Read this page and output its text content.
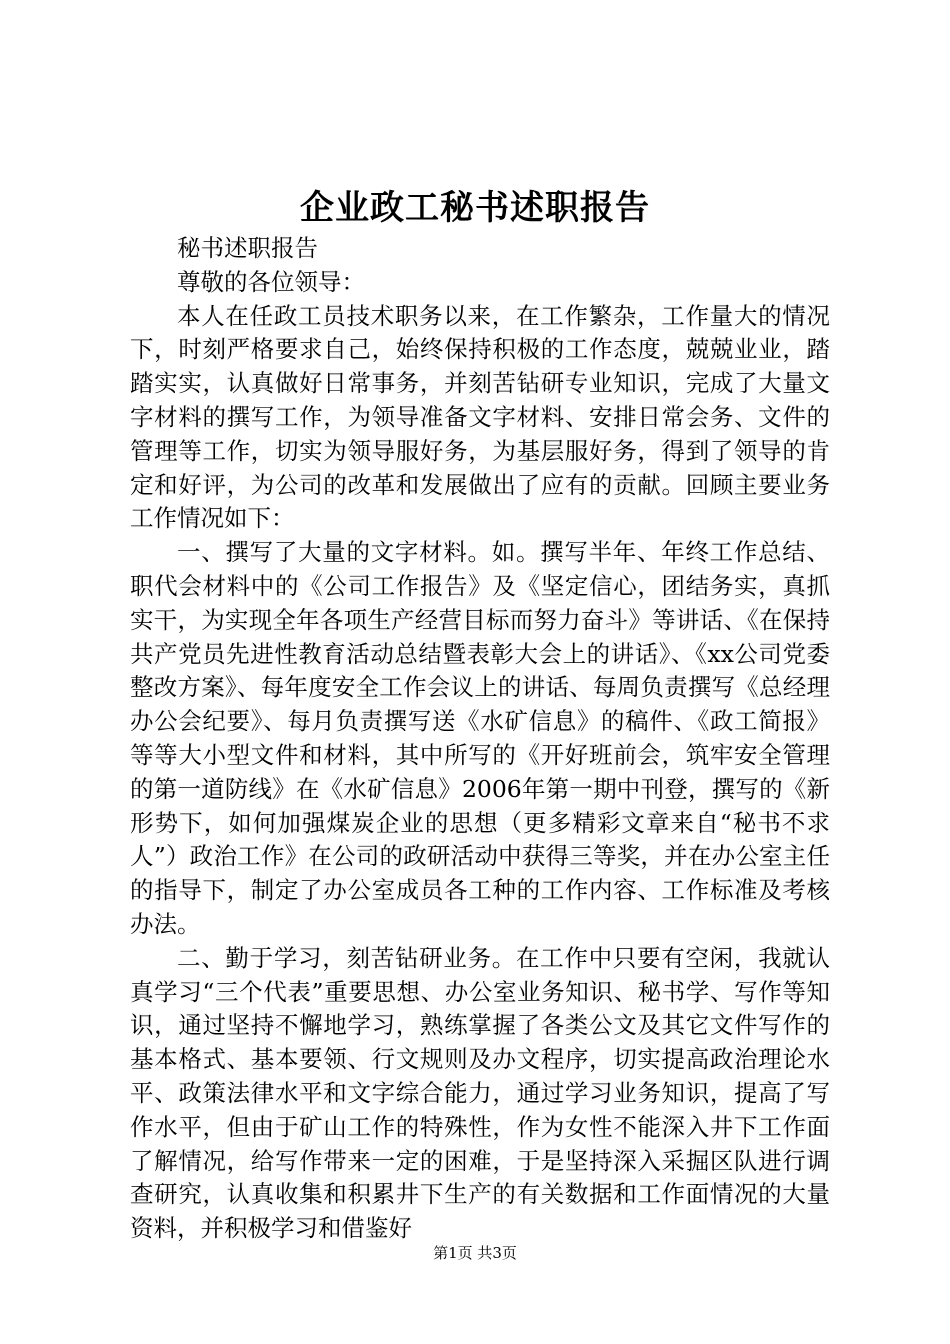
企业政工秘书述职报告

秘书述职报告

尊敬的各位领导：

本人在任政工员技术职务以来，在工作繁杂，工作量大的情况下，时刻严格要求自己，始终保持积极的工作态度，兢兢业业，踏踏实实，认真做好日常事务，并刻苦钻研专业知识，完成了大量文字材料的撰写工作，为领导准备文字材料、安排日常会务、文件的管理等工作，切实为领导服好务，为基层服好务，得到了领导的肯定和好评，为公司的改革和发展做出了应有的贡献。回顾主要业务工作情况如下：

一、撰写了大量的文字材料。如。撰写半年、年终工作总结、职代会材料中的《公司工作报告》及《坚定信心，团结务实，真抓实干，为实现全年各项生产经营目标而努力奋斗》等讲话、《在保持共产党员先进性教育活动总结暨表彰大会上的讲话》、《xx公司党委整改方案》、每年度安全工作会议上的讲话、每周负责撰写《总经理办公会纪要》、每月负责撰写送《水矿信息》的稿件、《政工简报》等等大小型文件和材料，其中所写的《开好班前会，筑牢安全管理的第一道防线》在《水矿信息》2006年第一期中刊登，撰写的《新形势下，如何加强煤炭企业的思想（更多精彩文章来自“秘书不求人”）政治工作》在公司的政研活动中获得三等奖，并在办公室主任的指导下，制定了办公室成员各工种的工作内容、工作标准及考核办法。

二、勤于学习，刻苦钻研业务。在工作中只要有空闲，我就认真学习“三个代表”重要思想、办公室业务知识、秘书学、写作等知识，通过坚持不懈地学习，熟练掌握了各类公文及其它文件写作的基本格式、基本要领、行文规则及办文程序，切实提高政治理论水平、政策法律水平和文字综合能力，通过学习业务知识，提高了写作水平，但由于矿山工作的特殊性，作为女性不能深入井下工作面了解情况，给写作带来一定的困难，于是坚持深入采掘区队进行调查研究，认真收集和积累井下生产的有关数据和工作面情况的大量资料，并积极学习和借鉴好

第1页 共3页
